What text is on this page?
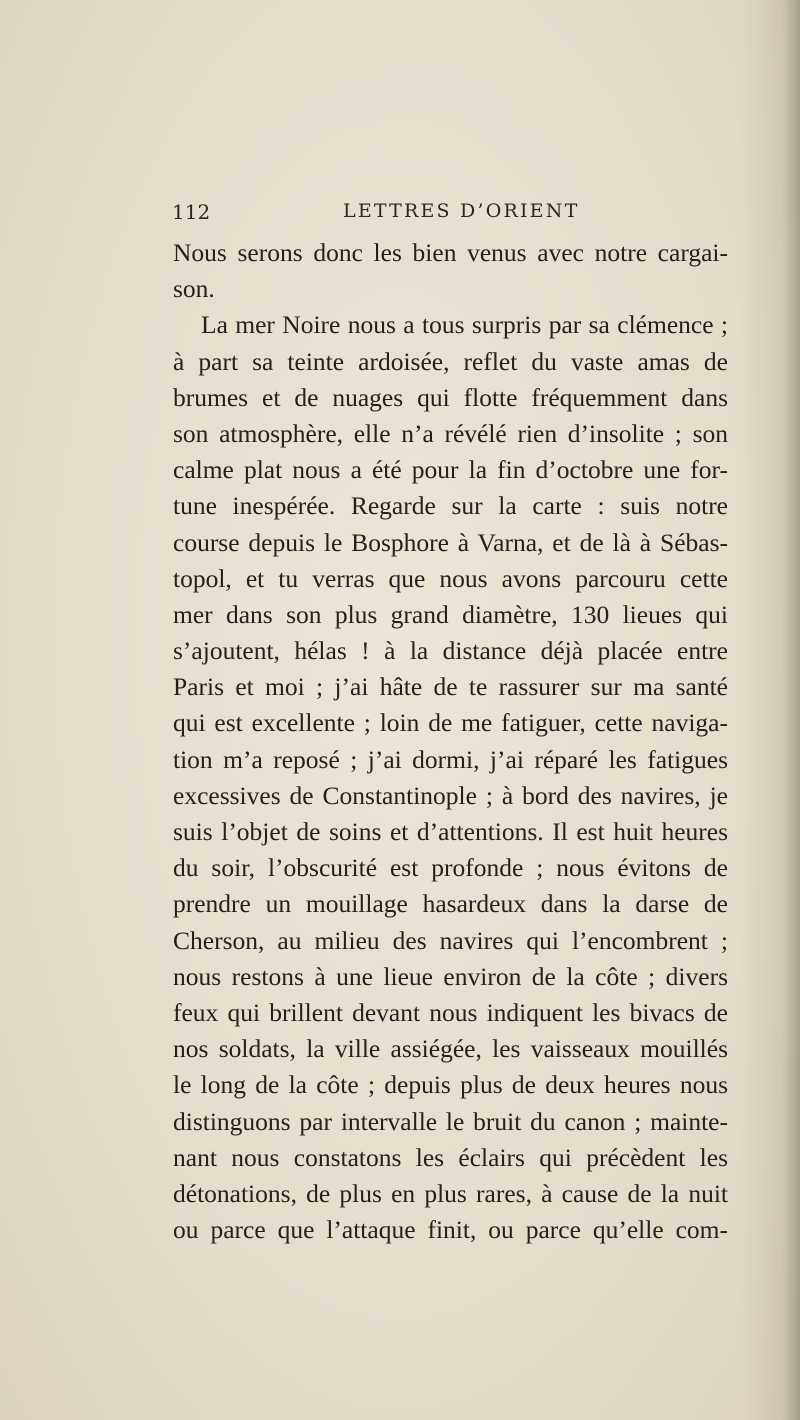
112	LETTRES D’ORIENT
Nous serons donc les bien venus avec notre cargai-
son.
La mer Noire nous a tous surpris par sa clémence ;
à part sa teinte ardoisée, reflet du vaste amas de
brumes et de nuages qui flotte fréquemment dans
son atmosphère, elle n’a révélé rien d’insolite ; son
calme plat nous a été pour la fin d’octobre une for-
tune inespérée. Regarde sur la carte : suis notre
course depuis le Bosphore à Varna, et de là à Sébas-
topol, et tu verras que nous avons parcouru cette
mer dans son plus grand diamètre, 130 lieues qui
s’ajoutent, hélas ! à la distance déjà placée entre
Paris et moi ; j’ai hâte de te rassurer sur ma santé
qui est excellente ; loin de me fatiguer, cette naviga-
tion m’a reposé ; j’ai dormi, j’ai réparé les fatigues
excessives de Constantinople ; à bord des navires, je
suis l’objet de soins et d’attentions. Il est huit heures
du soir, l’obscurité est profonde ; nous évitons de
prendre un mouillage hasardeux dans la darse de
Cherson, au milieu des navires qui l’encombrent ;
nous restons à une lieue environ de la côte ; divers
feux qui brillent devant nous indiquent les bivacs de
nos soldats, la ville assiégée, les vaisseaux mouillés
le long de la côte ; depuis plus de deux heures nous
distinguons par intervalle le bruit du canon ; mainte-
nant nous constatons les éclairs qui précèdent les
détonations, de plus en plus rares, à cause de la nuit
ou parce que l’attaque finit, ou parce qu’elle com-
